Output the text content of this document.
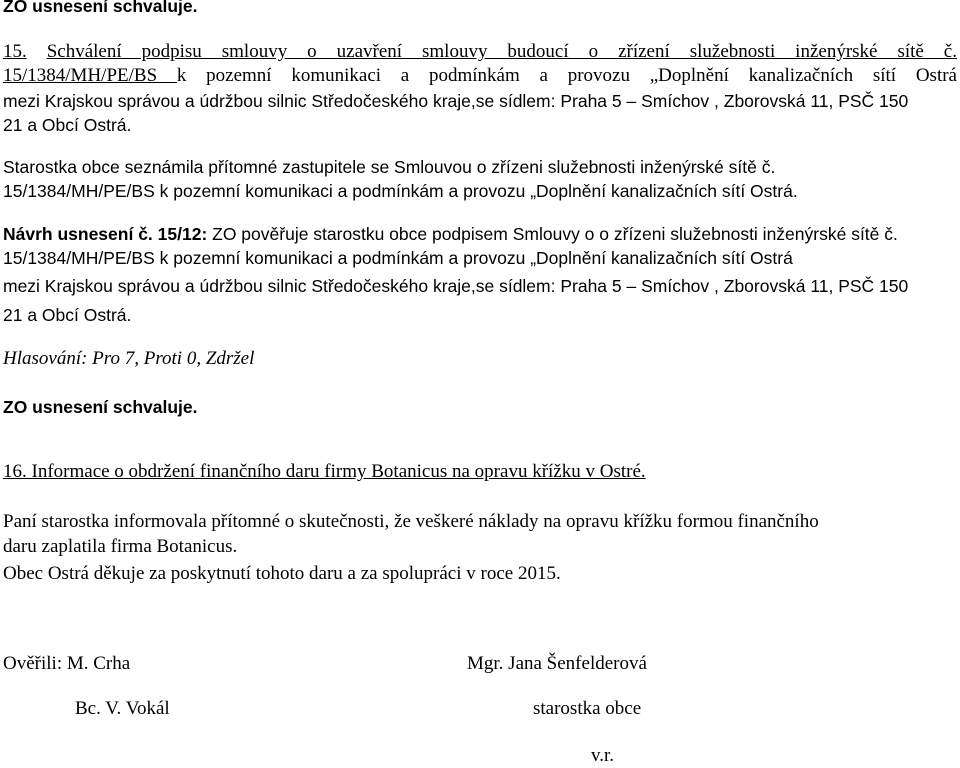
ZO usnesení schvaluje.
15. Schválení podpisu smlouvy o uzavření smlouvy budoucí o zřízení služebnosti inženýrské sítě č.
15/1384/MH/PE/BS k pozemní komunikaci a podmínkám a provozu „Doplnění kanalizačních sítí Ostrá
mezi Krajskou správou a údržbou silnic Středočeského kraje,se sídlem: Praha 5 – Smíchov , Zborovská 11, PSČ 150
21 a Obcí Ostrá.
Starostka obce seznámila přítomné zastupitele se Smlouvou o zřízeni služebnosti inženýrské sítě č.
15/1384/MH/PE/BS k pozemní komunikaci a podmínkám a provozu „Doplnění kanalizačních sítí Ostrá.
Návrh usnesení č. 15/12: ZO pověřuje starostku obce podpisem Smlouvy o o zřízeni služebnosti inženýrské sítě č.
15/1384/MH/PE/BS k pozemní komunikaci a podmínkám a provozu „Doplnění kanalizačních sítí Ostrá
mezi Krajskou správou a údržbou silnic Středočeského kraje,se sídlem: Praha 5 – Smíchov , Zborovská 11, PSČ 150
21 a Obcí Ostrá.
Hlasování: Pro 7, Proti 0, Zdržel
ZO usnesení schvaluje.
16. Informace o obdržení finančního daru firmy Botanicus na opravu křížku v Ostré.
Paní starostka informovala přítomné o skutečnosti, že veškeré náklady na opravu křížku formou finančního
daru zaplatila firma Botanicus.
Obec Ostrá děkuje za poskytnutí tohoto daru a za spolupráci v roce 2015.
Ověřili: M. Crha
Bc. V. Vokál
Mgr. Jana Šenfelderová
starostka obce
v.r.
